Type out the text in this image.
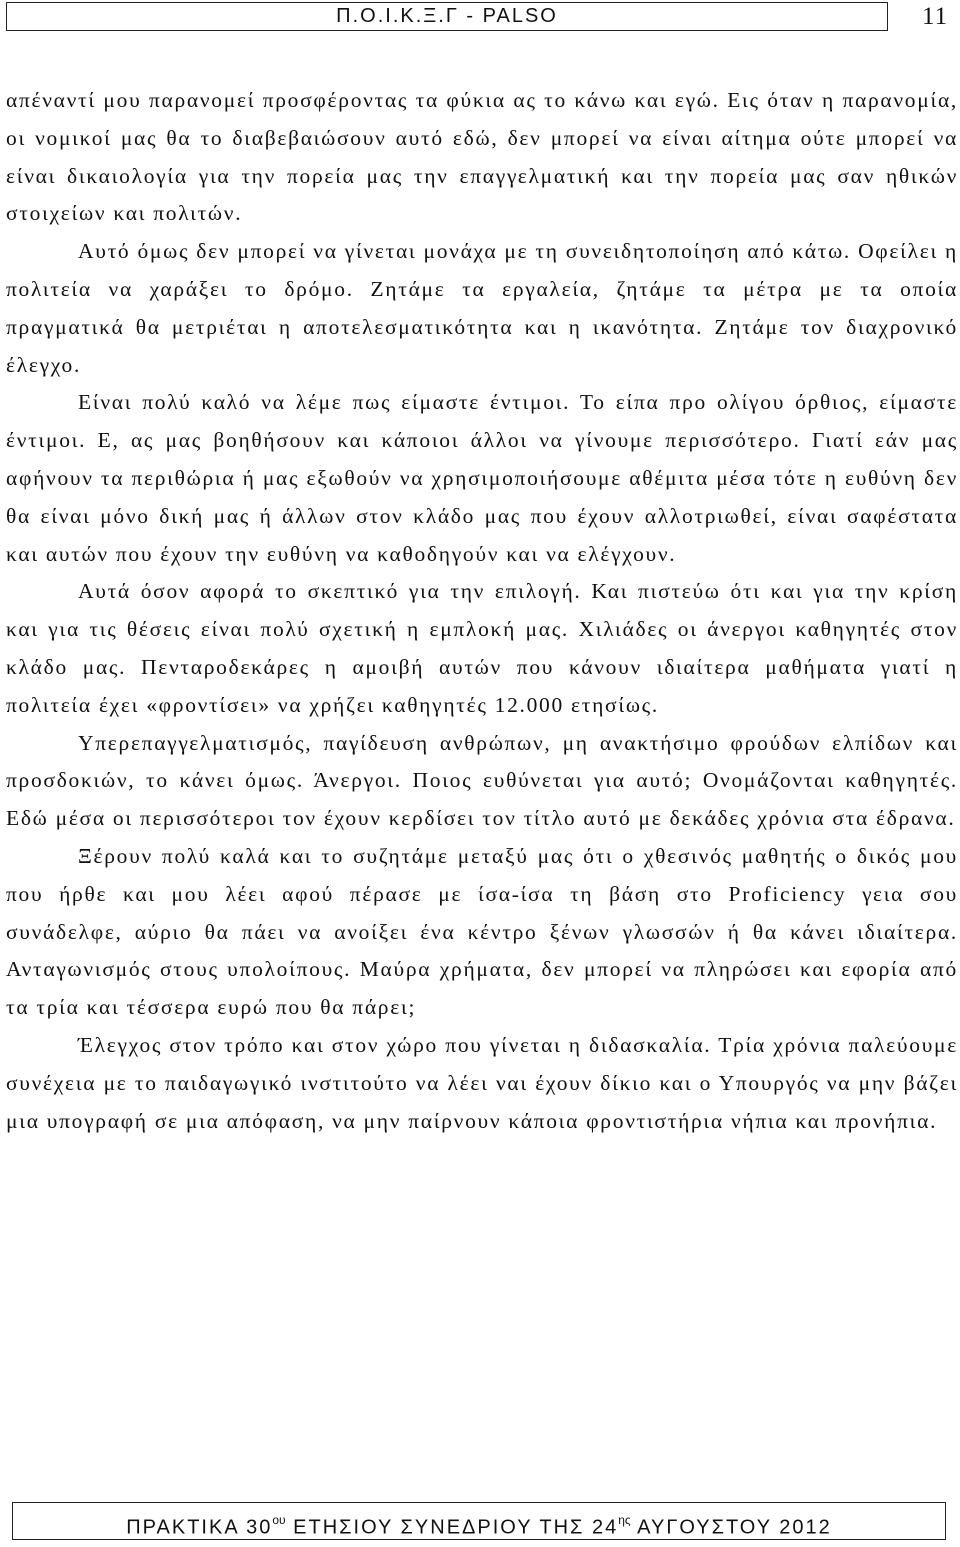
Π.Ο.Ι.Κ.Ξ.Γ - PALSO	11

απέναντί μου παρανομεί προσφέροντας τα φύκια ας το κάνω και εγώ. Εις όταν η παρανομία, οι νομικοί μας θα το διαβεβαιώσουν αυτό εδώ, δεν μπορεί να είναι αίτημα ούτε μπορεί να είναι δικαιολογία για την πορεία μας την επαγγελματική και την πορεία μας σαν ηθικών στοιχείων και πολιτών.

Αυτό όμως δεν μπορεί να γίνεται μονάχα με τη συνειδητοποίηση από κάτω. Οφείλει η πολιτεία να χαράξει το δρόμο. Ζητάμε τα εργαλεία, ζητάμε τα μέτρα με τα οποία πραγματικά θα μετριέται η αποτελεσματικότητα και η ικανότητα. Ζητάμε τον διαχρονικό έλεγχο.

Είναι πολύ καλό να λέμε πως είμαστε έντιμοι. Το είπα προ ολίγου όρθιος, είμαστε έντιμοι. Ε, ας μας βοηθήσουν και κάποιοι άλλοι να γίνουμε περισσότερο. Γιατί εάν μας αφήνουν τα περιθώρια ή μας εξωθούν να χρησιμοποιήσουμε αθέμιτα μέσα τότε η ευθύνη δεν θα είναι μόνο δική μας ή άλλων στον κλάδο μας που έχουν αλλοτριωθεί, είναι σαφέστατα και αυτών που έχουν την ευθύνη να καθοδηγούν και να ελέγχουν.

Αυτά όσον αφορά το σκεπτικό για την επιλογή. Και πιστεύω ότι και για την κρίση και για τις θέσεις είναι πολύ σχετική η εμπλοκή μας. Χιλιάδες οι άνεργοι καθηγητές στον κλάδο μας. Πενταροδεκάρες η αμοιβή αυτών που κάνουν ιδιαίτερα μαθήματα γιατί η πολιτεία έχει «φροντίσει» να χρήζει καθηγητές 12.000 ετησίως.

Υπερεπαγγελματισμός, παγίδευση ανθρώπων, μη ανακτήσιμο φρούδων ελπίδων και προσδοκιών, το κάνει όμως. Άνεργοι. Ποιος ευθύνεται για αυτό; Ονομάζονται καθηγητές. Εδώ μέσα οι περισσότεροι τον έχουν κερδίσει τον τίτλο αυτό με δεκάδες χρόνια στα έδρανα.

Ξέρουν πολύ καλά και το συζητάμε μεταξύ μας ότι ο χθεσινός μαθητής ο δικός μου που ήρθε και μου λέει αφού πέρασε με ίσα-ίσα τη βάση στο Proficiency γεια σου συνάδελφε, αύριο θα πάει να ανοίξει ένα κέντρο ξένων γλωσσών ή θα κάνει ιδιαίτερα. Ανταγωνισμός στους υπολοίπους. Μαύρα χρήματα, δεν μπορεί να πληρώσει και εφορία από τα τρία και τέσσερα ευρώ που θα πάρει;

Έλεγχος στον τρόπο και στον χώρο που γίνεται η διδασκαλία. Τρία χρόνια παλεύουμε συνέχεια με το παιδαγωγικό ινστιτούτο να λέει ναι έχουν δίκιο και ο Υπουργός να μην βάζει μια υπογραφή σε μια απόφαση, να μην παίρνουν κάποια φροντιστήρια νήπια και προνήπια.

ΠΡΑΚΤΙΚΑ $30^{o\upsilon}$ ΕΤΗΣΙΟΥ ΣΥΝΕΔΡΙΟΥ ΤΗΣ $24^{\eta\varsigma}$ ΑΥΓΟΥΣΤΟΥ 2012
